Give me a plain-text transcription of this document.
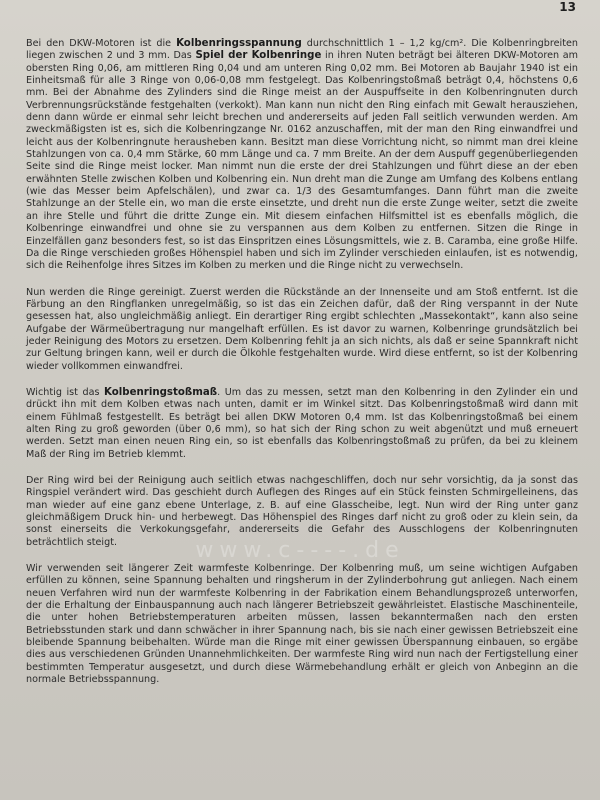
13
www.c----.de

Bei den DKW-Motoren ist die Kolbenringsspannung durchschnittlich 1 – 1,2 kg/cm². Die Kolbenringbreiten liegen zwischen 2 und 3 mm. Das Spiel der Kolbenringe in ihren Nuten beträgt bei älteren DKW-Motoren am obersten Ring 0,06, am mittleren Ring 0,04 und am unteren Ring 0,02 mm. Bei Motoren ab Baujahr 1940 ist ein Einheitsmaß für alle 3 Ringe von 0,06-0,08 mm festgelegt. Das Kolbenringstoßmaß beträgt 0,4, höchstens 0,6 mm. Bei der Abnahme des Zylinders sind die Ringe meist an der Auspuffseite in den Kolbenringnuten durch Verbrennungsrückstände festgehalten (verkokt). Man kann nun nicht den Ring einfach mit Gewalt herausziehen, denn dann würde er einmal sehr leicht brechen und andererseits auf jeden Fall seitlich verwunden werden. Am zweckmäßigsten ist es, sich die Kolbenringzange Nr. 0162 anzuschaffen, mit der man den Ring einwandfrei und leicht aus der Kolbenringnute herausheben kann. Besitzt man diese Vorrichtung nicht, so nimmt man drei kleine Stahlzungen von ca. 0,4 mm Stärke, 60 mm Länge und ca. 7 mm Breite. An der dem Auspuff gegenüberliegenden Seite sind die Ringe meist locker. Man nimmt nun die erste der drei Stahlzungen und führt diese an der eben erwähnten Stelle zwischen Kolben und Kolbenring ein. Nun dreht man die Zunge am Umfang des Kolbens entlang (wie das Messer beim Apfelschälen), und zwar ca. 1/3 des Gesamtumfanges. Dann führt man die zweite Stahlzunge an der Stelle ein, wo man die erste einsetzte, und dreht nun die erste Zunge weiter, setzt die zweite an ihre Stelle und führt die dritte Zunge ein. Mit diesem einfachen Hilfsmittel ist es ebenfalls möglich, die Kolbenringe einwandfrei und ohne sie zu verspannen aus dem Kolben zu entfernen. Sitzen die Ringe in Einzelfällen ganz besonders fest, so ist das Einspritzen eines Lösungsmittels, wie z. B. Caramba, eine große Hilfe. Da die Ringe verschieden großes Höhenspiel haben und sich im Zylinder verschieden einlaufen, ist es notwendig, sich die Reihenfolge ihres Sitzes im Kolben zu merken und die Ringe nicht zu verwechseln.

Nun werden die Ringe gereinigt. Zuerst werden die Rückstände an der Innenseite und am Stoß entfernt. Ist die Färbung an den Ringflanken unregelmäßig, so ist das ein Zeichen dafür, daß der Ring verspannt in der Nute gesessen hat, also ungleichmäßig anliegt. Ein derartiger Ring ergibt schlechten „Massekontakt“, kann also seine Aufgabe der Wärmeübertragung nur mangelhaft erfüllen. Es ist davor zu warnen, Kolbenringe grundsätzlich bei jeder Reinigung des Motors zu ersetzen. Dem Kolbenring fehlt ja an sich nichts, als daß er seine Spannkraft nicht zur Geltung bringen kann, weil er durch die Ölkohle festgehalten wurde. Wird diese entfernt, so ist der Kolbenring wieder vollkommen einwandfrei.

Wichtig ist das Kolbenringstoßmaß. Um das zu messen, setzt man den Kolbenring in den Zylinder ein und drückt ihn mit dem Kolben etwas nach unten, damit er im Winkel sitzt. Das Kolbenringstoßmaß wird dann mit einem Fühlmaß festgestellt. Es beträgt bei allen DKW Motoren 0,4 mm. Ist das Kolbenringstoßmaß bei einem alten Ring zu groß geworden (über 0,6 mm), so hat sich der Ring schon zu weit abgenützt und muß erneuert werden. Setzt man einen neuen Ring ein, so ist ebenfalls das Kolbenringstoßmaß zu prüfen, da bei zu kleinem Maß der Ring im Betrieb klemmt.

Der Ring wird bei der Reinigung auch seitlich etwas nachgeschliffen, doch nur sehr vorsichtig, da ja sonst das Ringspiel verändert wird. Das geschieht durch Auflegen des Ringes auf ein Stück feinsten Schmirgelleinens, das man wieder auf eine ganz ebene Unterlage, z. B. auf eine Glasscheibe, legt. Nun wird der Ring unter ganz gleichmäßigem Druck hin- und herbewegt. Das Höhenspiel des Ringes darf nicht zu groß oder zu klein sein, da sonst einerseits die Verkokungsgefahr, andererseits die Gefahr des Ausschlogens der Kolbenringnuten beträchtlich steigt.

Wir verwenden seit längerer Zeit warmfeste Kolbenringe. Der Kolbenring muß, um seine wichtigen Aufgaben erfüllen zu können, seine Spannung behalten und ringsherum in der Zylinderbohrung gut anliegen. Nach einem neuen Verfahren wird nun der warmfeste Kolbenring in der Fabrikation einem Behandlungsprozeß unterworfen, der die Erhaltung der Einbauspannung auch nach längerer Betriebszeit gewährleistet. Elastische Maschinenteile, die unter hohen Betriebstemperaturen arbeiten müssen, lassen bekanntermaßen nach den ersten Betriebsstunden stark und dann schwächer in ihrer Spannung nach, bis sie nach einer gewissen Betriebszeit eine bleibende Spannung beibehalten. Würde man die Ringe mit einer gewissen Überspannung einbauen, so ergäbe dies aus verschiedenen Gründen Unannehmlichkeiten. Der warmfeste Ring wird nun nach der Fertigstellung einer bestimmten Temperatur ausgesetzt, und durch diese Wärmebehandlung erhält er gleich von Anbeginn an die normale Betriebsspannung.
